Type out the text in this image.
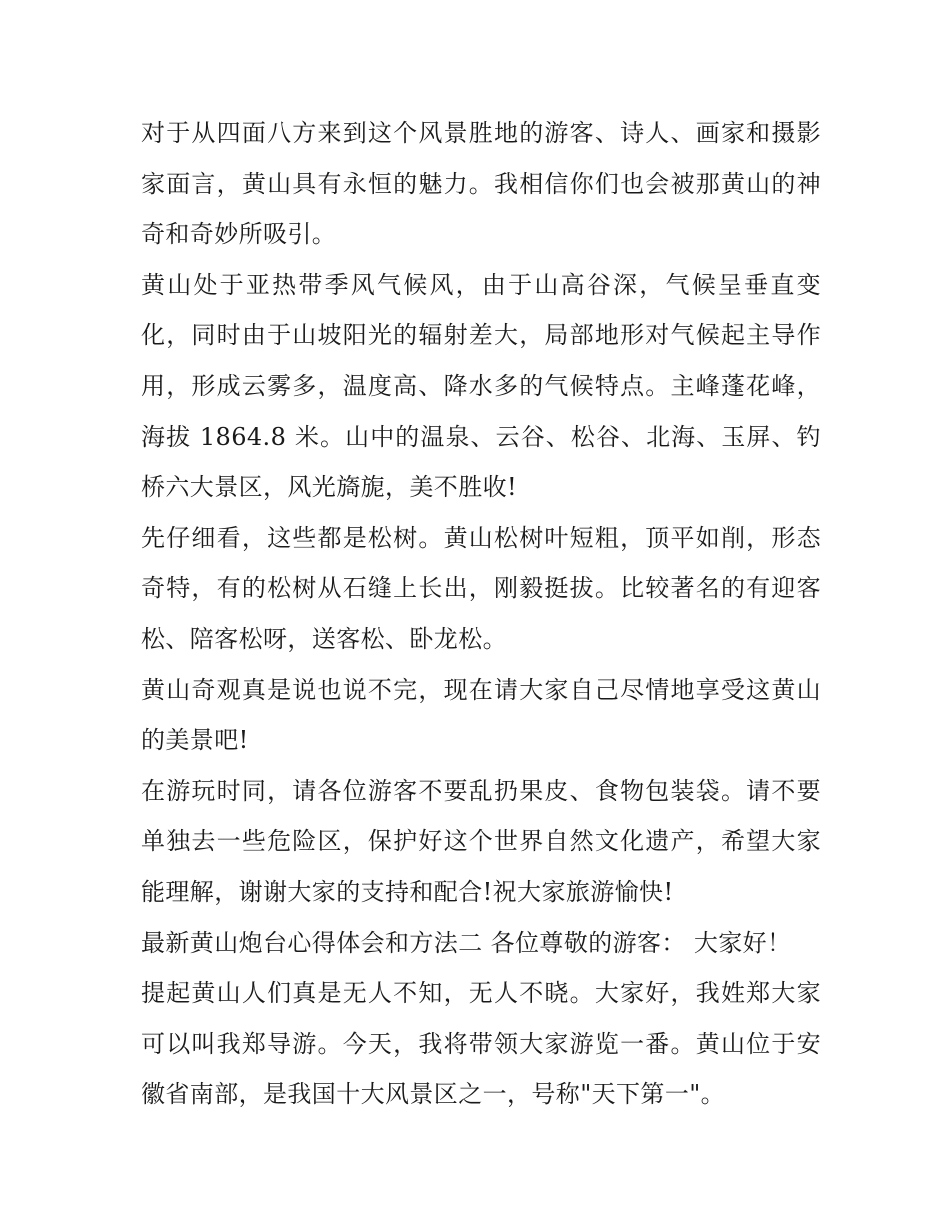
对于从四面八方来到这个风景胜地的游客、诗人、画家和摄影家面言，黄山具有永恒的魅力。我相信你们也会被那黄山的神奇和奇妙所吸引。

黄山处于亚热带季风气候风，由于山高谷深，气候呈垂直变化，同时由于山坡阳光的辐射差大，局部地形对气候起主导作用，形成云雾多，温度高、降水多的气候特点。主峰蓬花峰，海拔 1864.8 米。山中的温泉、云谷、松谷、北海、玉屏、钓桥六大景区，风光旖旎，美不胜收!

先仔细看，这些都是松树。黄山松树叶短粗，顶平如削，形态奇特，有的松树从石缝上长出，刚毅挺拔。比较著名的有迎客松、陪客松呀，送客松、卧龙松。

黄山奇观真是说也说不完，现在请大家自己尽情地享受这黄山的美景吧!

在游玩时同，请各位游客不要乱扔果皮、食物包装袋。请不要单独去一些危险区，保护好这个世界自然文化遗产，希望大家能理解，谢谢大家的支持和配合!祝大家旅游愉快!

最新黄山炮台心得体会和方法二 各位尊敬的游客： 大家好！

提起黄山人们真是无人不知，无人不晓。大家好，我姓郑大家可以叫我郑导游。今天，我将带领大家游览一番。黄山位于安徽省南部，是我国十大风景区之一，号称"天下第一"。
